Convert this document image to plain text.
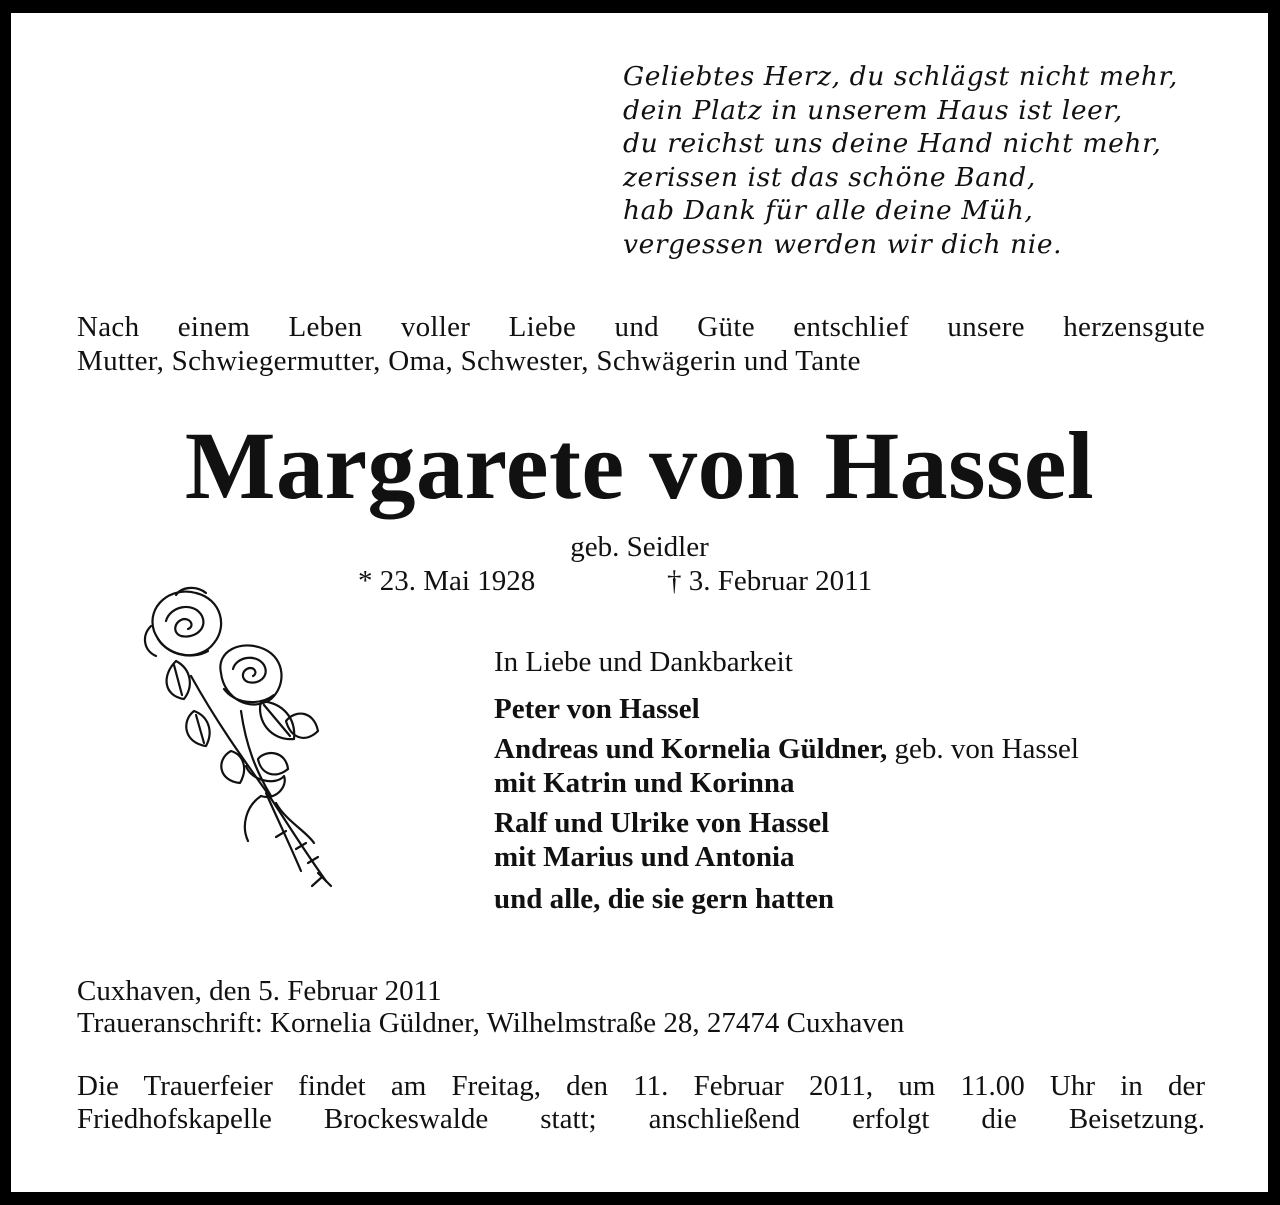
Geliebtes Herz, du schlägst nicht mehr,
dein Platz in unserem Haus ist leer,
du reichst uns deine Hand nicht mehr,
zerissen ist das schöne Band,
hab Dank für alle deine Müh,
vergessen werden wir dich nie.
Nach einem Leben voller Liebe und Güte entschlief unsere herzensgute
Mutter, Schwiegermutter, Oma, Schwester, Schwägerin und Tante
Margarete von Hassel
geb. Seidler
* 23. Mai 1928	† 3. Februar 2011
In Liebe und Dankbarkeit
Peter von Hassel
Andreas und Kornelia Güldner, geb. von Hassel
mit Katrin und Korinna
Ralf und Ulrike von Hassel
mit Marius und Antonia
und alle, die sie gern hatten
Cuxhaven, den 5. Februar 2011
Traueranschrift: Kornelia Güldner, Wilhelmstraße 28, 27474 Cuxhaven
Die Trauerfeier findet am Freitag, den 11. Februar 2011, um 11.00 Uhr in der
Friedhofskapelle Brockeswalde statt; anschließend erfolgt die Beisetzung.
